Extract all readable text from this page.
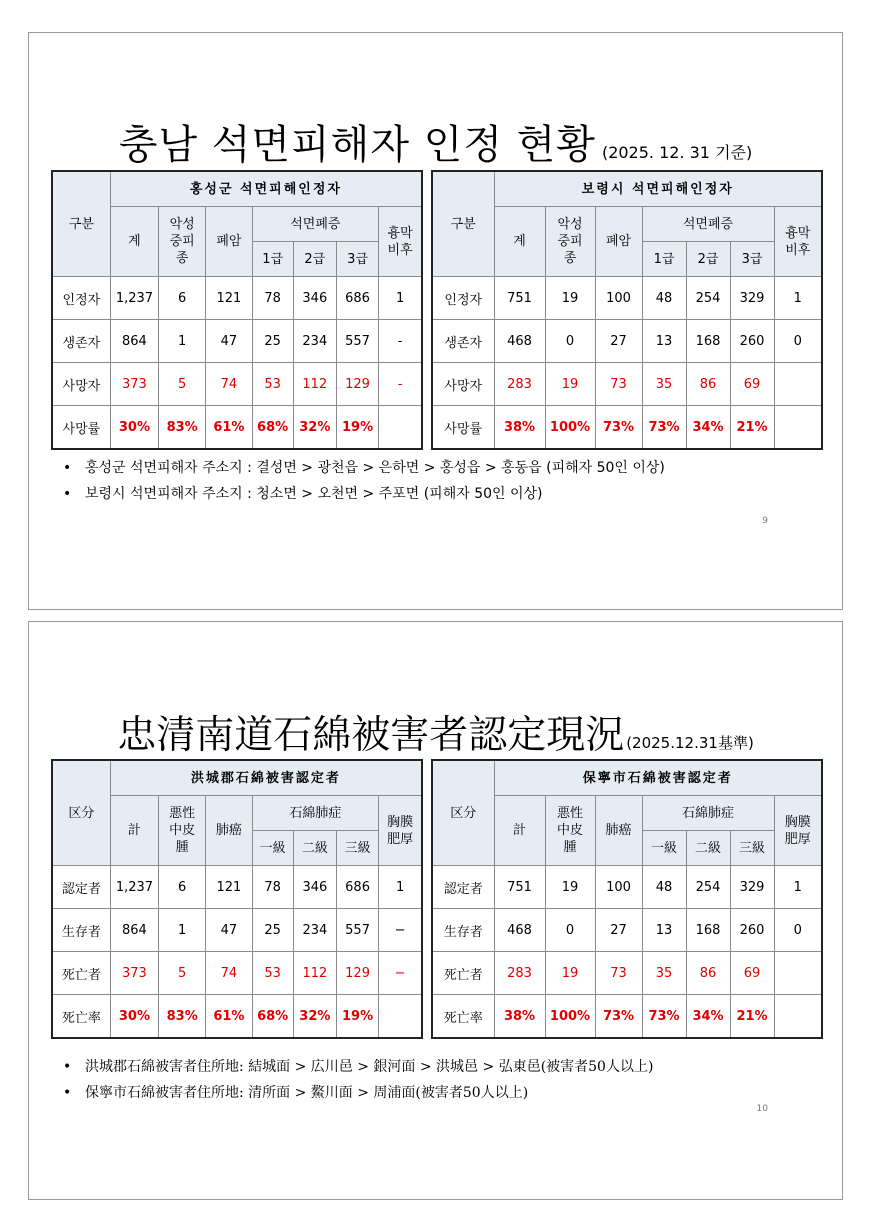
충남 석면피해자 인정 현황 (2025. 12. 31 기준)
구분	홍성군 석면피해인정자						
	계	악성
중피
종	폐암	석면폐증			흉막
비후
				1급	2급	3급	
인정자	1,237	6	121	78	346	686	1
생존자	864	1	47	25	234	557	-
사망자	373	5	74	53	112	129	-
사망률	30%	83%	61%	68%	32%	19%	
구분	보령시 석면피해인정자						
	계	악성
중피
종	폐암	석면폐증			흉막
비후
				1급	2급	3급	
인정자	751	19	100	48	254	329	1
생존자	468	0	27	13	168	260	0
사망자	283	19	73	35	86	69	
사망률	38%	100%	73%	73%	34%	21%	
• 홍성군 석면피해자 주소지 : 결성면 > 광천읍 > 은하면 > 홍성읍 > 홍동읍 (피해자 50인 이상)
• 보령시 석면피해자 주소지 : 청소면 > 오천면 > 주포면 (피해자 50인 이상)
9
忠清南道石綿被害者認定現況 (2025.12.31基準)
区分	洪城郡石綿被害認定者						
	計	悪性
中皮
腫	肺癌	石綿肺症			胸膜
肥厚
				一級	二級	三級	
認定者	1,237	6	121	78	346	686	1
生存者	864	1	47	25	234	557	−
死亡者	373	5	74	53	112	129	−
死亡率	30%	83%	61%	68%	32%	19%	
区分	保寧市石綿被害認定者						
	計	悪性
中皮
腫	肺癌	石綿肺症			胸膜
肥厚
				一級	二級	三級	
認定者	751	19	100	48	254	329	1
生存者	468	0	27	13	168	260	0
死亡者	283	19	73	35	86	69	
死亡率	38%	100%	73%	73%	34%	21%	
• 洪城郡石綿被害者住所地: 結城面 > 広川邑 > 銀河面 > 洪城邑 > 弘東邑(被害者50人以上)
• 保寧市石綿被害者住所地: 清所面 > 鰲川面 > 周浦面(被害者50人以上)
10
